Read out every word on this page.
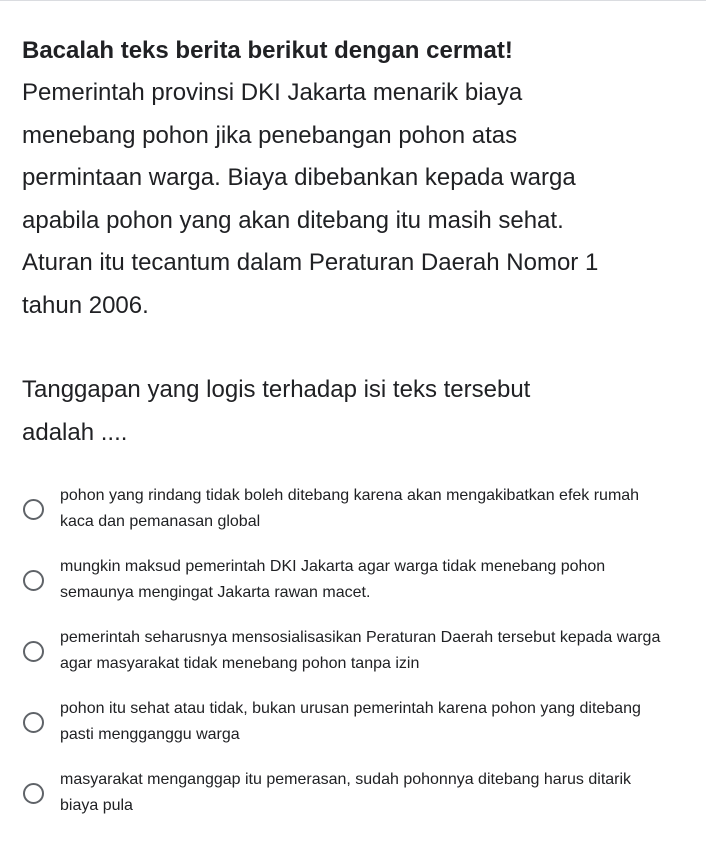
Bacalah teks berita berikut dengan cermat!

Pemerintah provinsi DKI Jakarta menarik biaya
menebang pohon jika penebangan pohon atas
permintaan warga. Biaya dibebankan kepada warga
apabila pohon yang akan ditebang itu masih sehat.
Aturan itu tecantum dalam Peraturan Daerah Nomor 1
tahun 2006.

Tanggapan yang logis terhadap isi teks tersebut
adalah ....

pohon yang rindang tidak boleh ditebang karena akan mengakibatkan efek rumah
kaca dan pemanasan global
mungkin maksud pemerintah DKI Jakarta agar warga tidak menebang pohon
semaunya mengingat Jakarta rawan macet.
pemerintah seharusnya mensosialisasikan Peraturan Daerah tersebut kepada warga
agar masyarakat tidak menebang pohon tanpa izin
pohon itu sehat atau tidak, bukan urusan pemerintah karena pohon yang ditebang
pasti mengganggu warga
masyarakat menganggap itu pemerasan, sudah pohonnya ditebang harus ditarik
biaya pula
